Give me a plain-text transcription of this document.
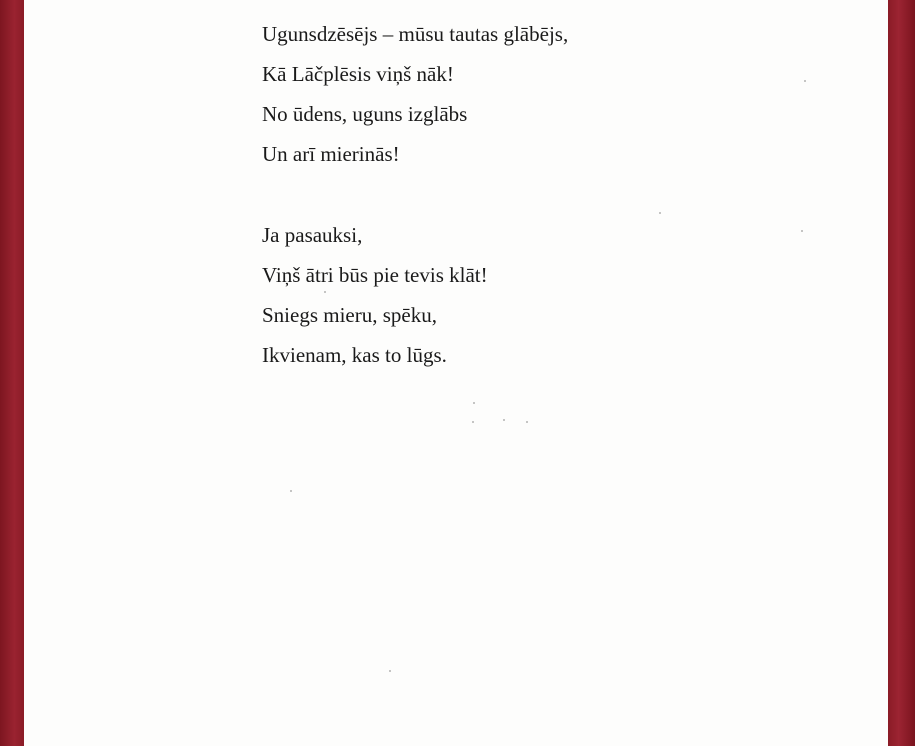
Ugunsdzēsējs – mūsu tautas glābējs,
Kā Lāčplēsis viņš nāk!
No ūdens, uguns izglābs
Un arī mierinās!
Ja pasauksi,
Viņš ātri būs pie tevis klāt!
Sniegs mieru, spēku,
Ikvienam, kas to lūgs.
